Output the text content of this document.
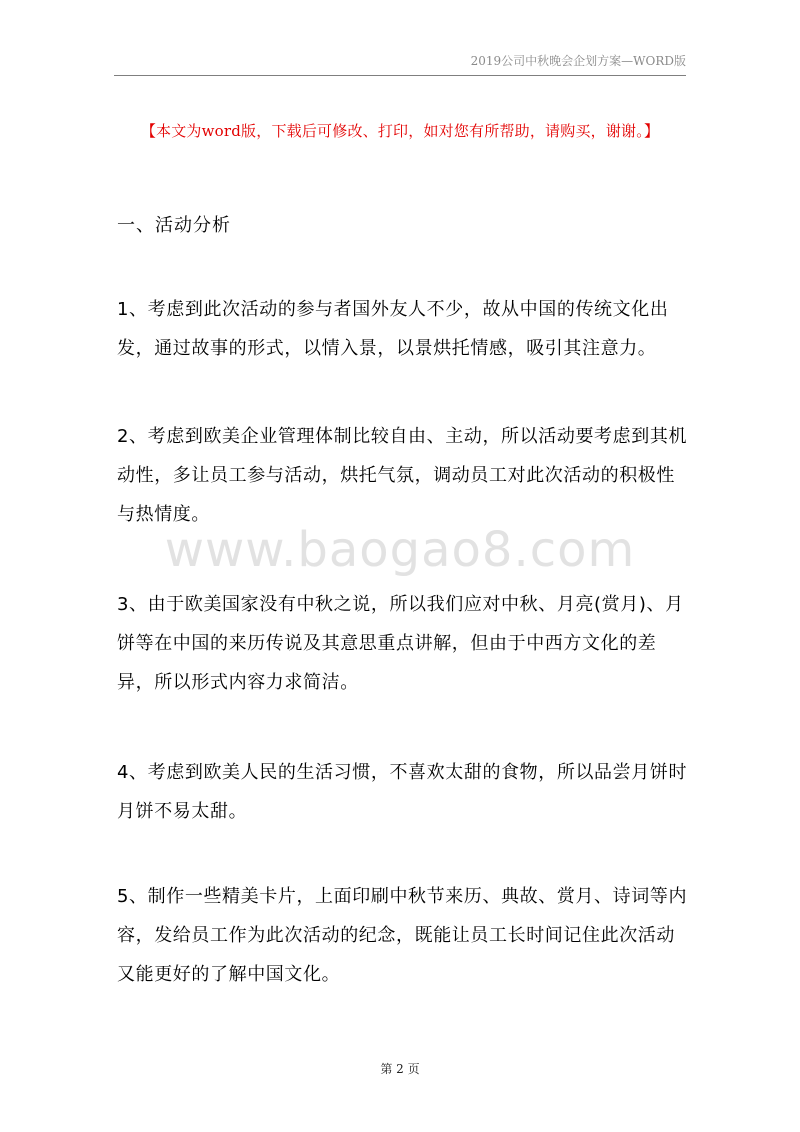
2019公司中秋晚会企划方案—WORD版
【本文为word版，下载后可修改、打印，如对您有所帮助，请购买，谢谢。】
一、活动分析

1、考虑到此次活动的参与者国外友人不少，故从中国的传统文化出发，通过故事的形式，以情入景，以景烘托情感，吸引其注意力。

2、考虑到欧美企业管理体制比较自由、主动，所以活动要考虑到其机动性，多让员工参与活动，烘托气氛，调动员工对此次活动的积极性与热情度。

www.baogao8.com

3、由于欧美国家没有中秋之说，所以我们应对中秋、月亮(赏月)、月饼等在中国的来历传说及其意思重点讲解，但由于中西方文化的差异，所以形式内容力求简洁。

4、考虑到欧美人民的生活习惯，不喜欢太甜的食物，所以品尝月饼时月饼不易太甜。

5、制作一些精美卡片，上面印刷中秋节来历、典故、赏月、诗词等内容，发给员工作为此次活动的纪念，既能让员工长时间记住此次活动又能更好的了解中国文化。

第 2 页
